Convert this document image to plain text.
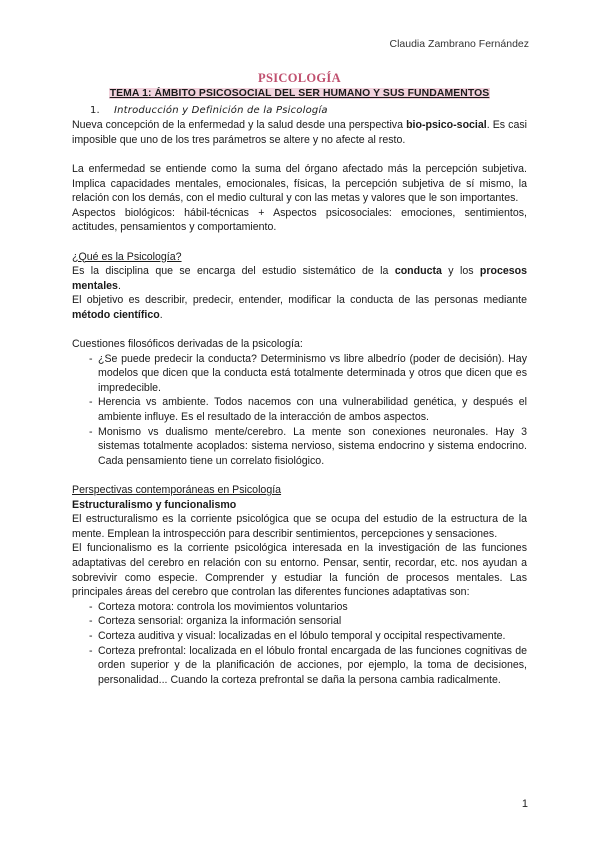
Claudia Zambrano Fernández
PSICOLOGÍA
TEMA 1: ÁMBITO PSICOSOCIAL DEL SER HUMANO Y SUS FUNDAMENTOS
1. Introducción y Definición de la Psicología

Nueva concepción de la enfermedad y la salud desde una perspectiva bio-psico-social. Es casi imposible que uno de los tres parámetros se altere y no afecte al resto.

La enfermedad se entiende como la suma del órgano afectado más la percepción subjetiva. Implica capacidades mentales, emocionales, físicas, la percepción subjetiva de sí mismo, la relación con los demás, con el medio cultural y con las metas y valores que le son importantes.

Aspectos biológicos: hábil-técnicas + Aspectos psicosociales: emociones, sentimientos, actitudes, pensamientos y comportamiento.

¿Qué es la Psicología?

Es la disciplina que se encarga del estudio sistemático de la conducta y los procesos mentales.

El objetivo es describir, predecir, entender, modificar la conducta de las personas mediante método científico.

Cuestiones filosóficos derivadas de la psicología:

- ¿Se puede predecir la conducta? Determinismo vs libre albedrío (poder de decisión). Hay modelos que dicen que la conducta está totalmente determinada y otros que dicen que es impredecible.
- Herencia vs ambiente. Todos nacemos con una vulnerabilidad genética, y después el ambiente influye. Es el resultado de la interacción de ambos aspectos.
- Monismo vs dualismo mente/cerebro. La mente son conexiones neuronales. Hay 3 sistemas totalmente acoplados: sistema nervioso, sistema endocrino y sistema endocrino. Cada pensamiento tiene un correlato fisiológico.

Perspectivas contemporáneas en Psicología

Estructuralismo y funcionalismo

El estructuralismo es la corriente psicológica que se ocupa del estudio de la estructura de la mente. Emplean la introspección para describir sentimientos, percepciones y sensaciones.

El funcionalismo es la corriente psicológica interesada en la investigación de las funciones adaptativas del cerebro en relación con su entorno. Pensar, sentir, recordar, etc. nos ayudan a sobrevivir como especie. Comprender y estudiar la función de procesos mentales. Las principales áreas del cerebro que controlan las diferentes funciones adaptativas son:

- Corteza motora: controla los movimientos voluntarios
- Corteza sensorial: organiza la información sensorial
- Corteza auditiva y visual: localizadas en el lóbulo temporal y occipital respectivamente.
- Corteza prefrontal: localizada en el lóbulo frontal encargada de las funciones cognitivas de orden superior y de la planificación de acciones, por ejemplo, la toma de decisiones, personalidad... Cuando la corteza prefrontal se daña la persona cambia radicalmente.
1
